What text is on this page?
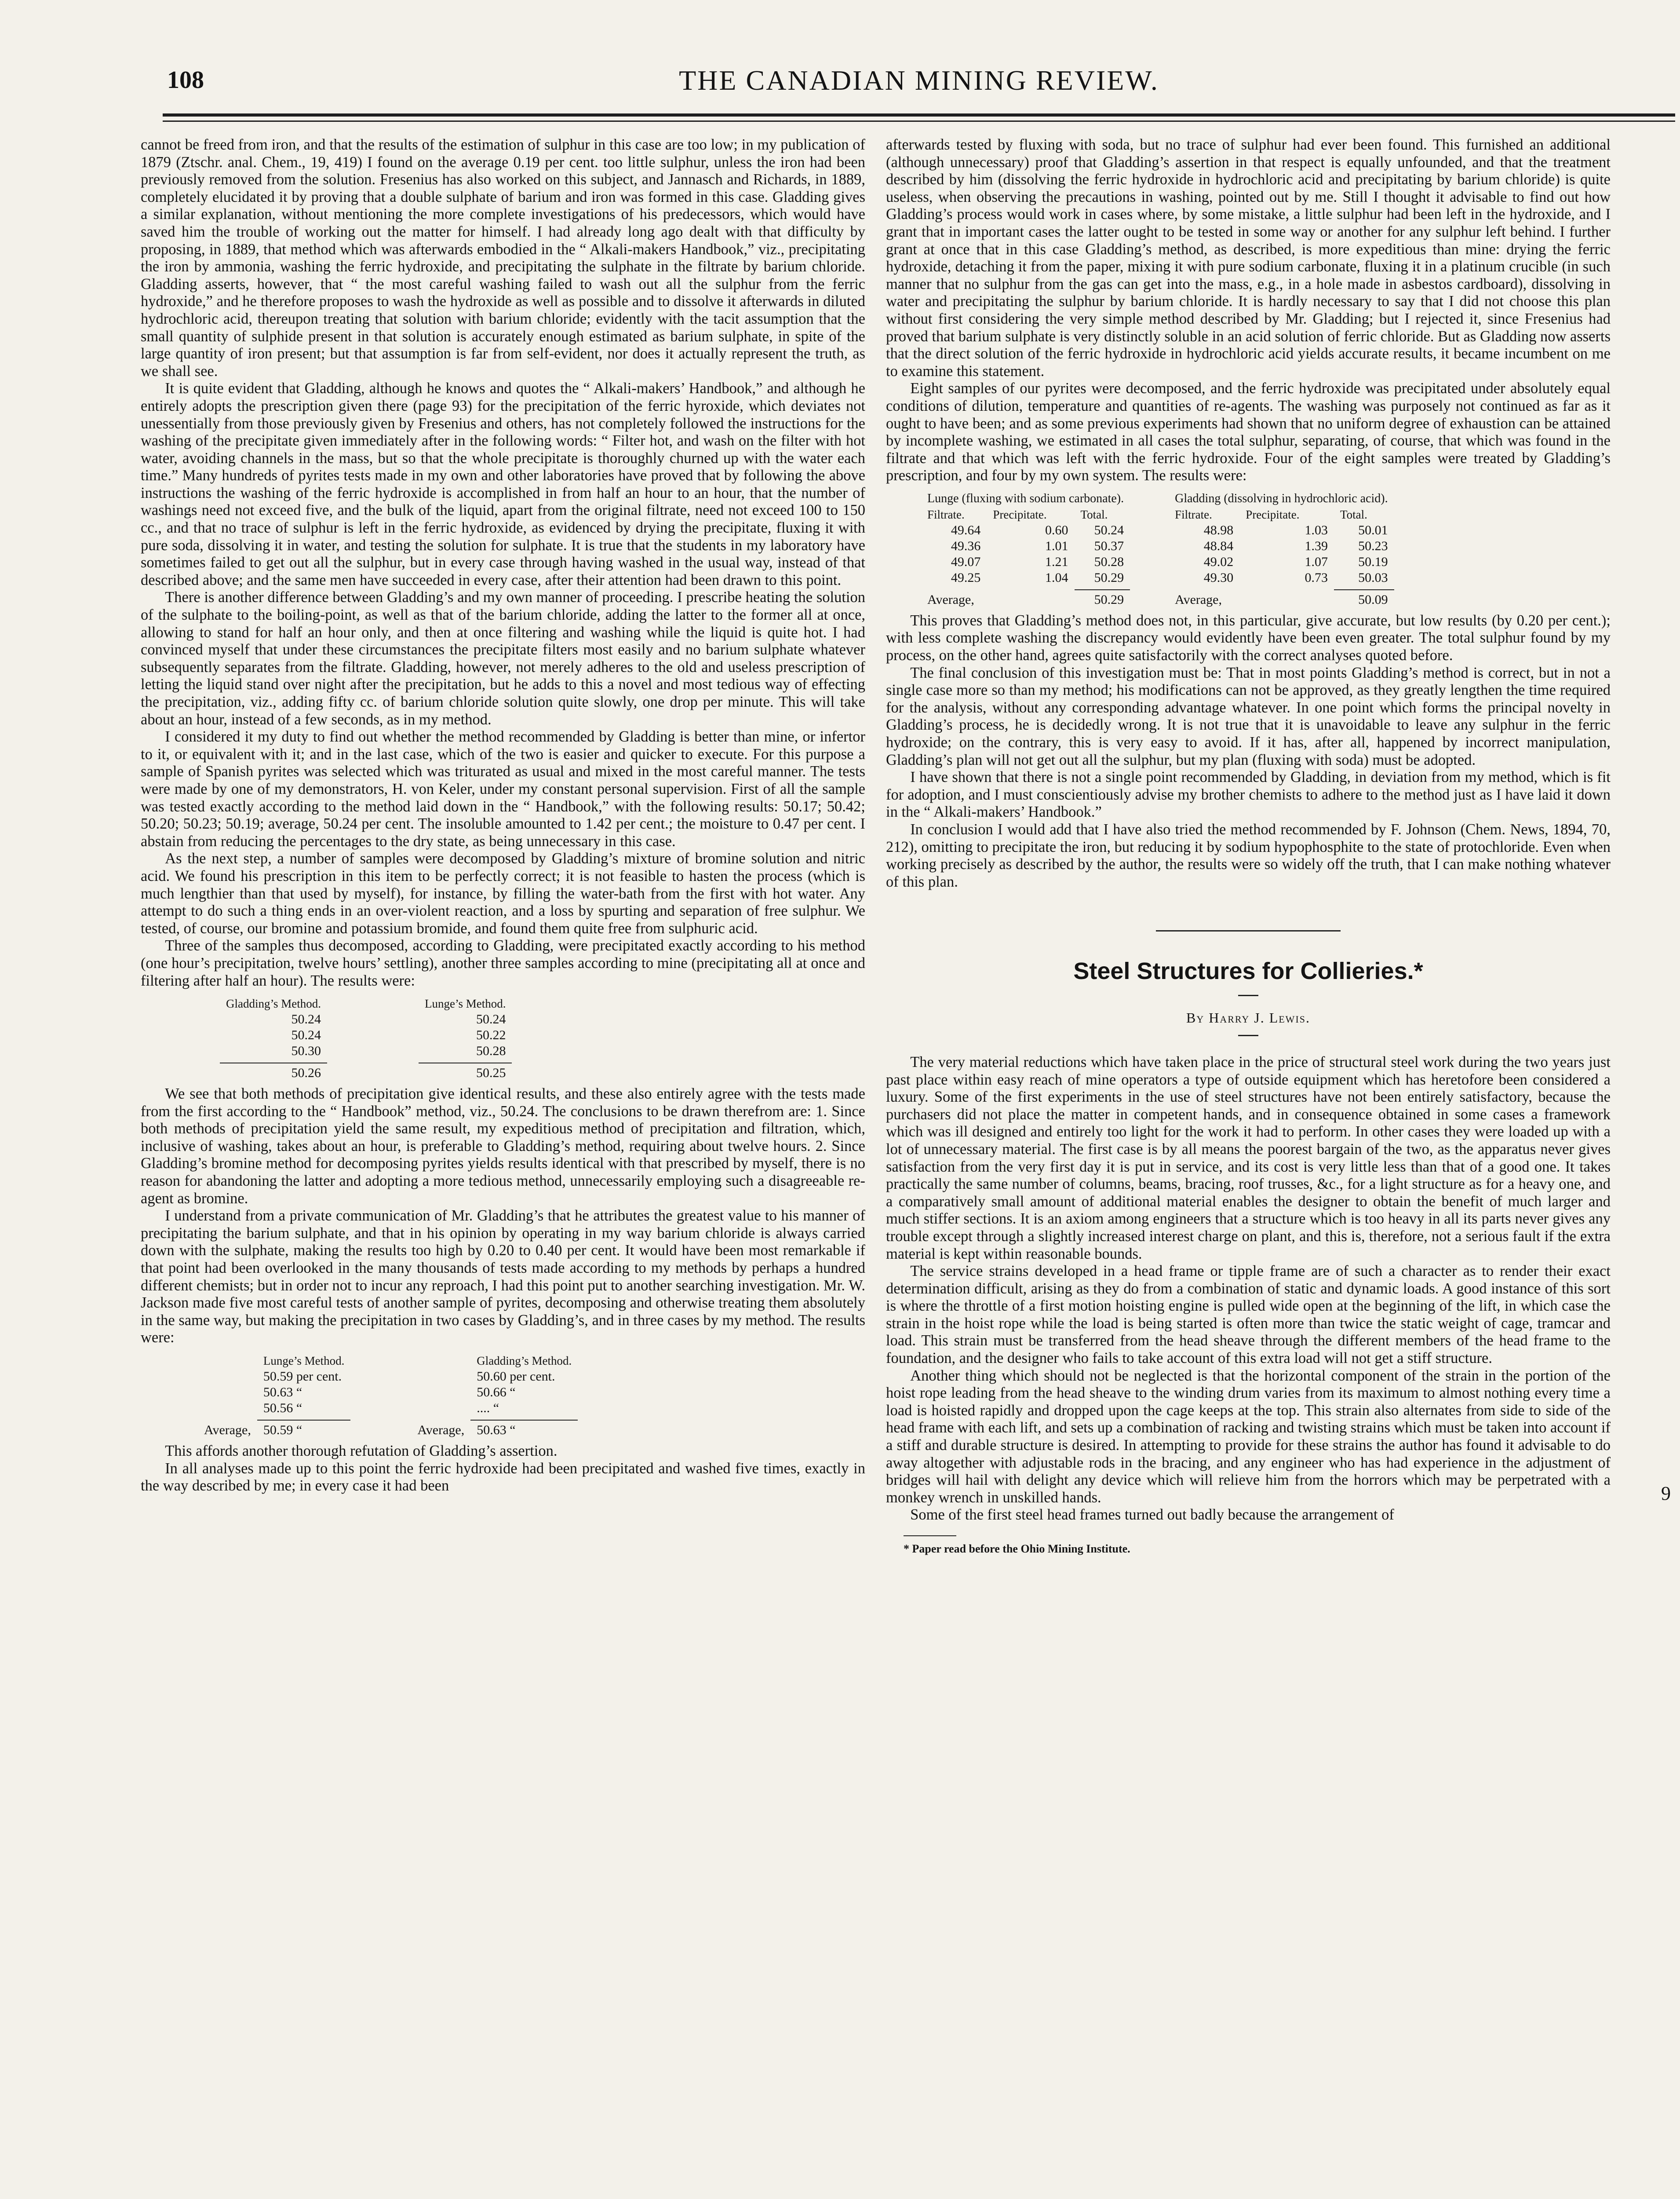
108	THE CANADIAN MINING REVIEW.

cannot be freed from iron, and that the results of the estimation of sulphur in this case are too low; in my publication of 1879 (Ztschr. anal. Chem., 19, 419) I found on the average 0.19 per cent. too little sulphur, unless the iron had been previously removed from the solution. Fresenius has also worked on this subject, and Jannasch and Richards, in 1889, completely elucidated it by proving that a double sulphate of barium and iron was formed in this case. Gladding gives a similar explanation, without mentioning the more complete investigations of his predecessors, which would have saved him the trouble of working out the matter for himself. I had already long ago dealt with that difficulty by proposing, in 1889, that method which was afterwards embodied in the “ Alkali-makers Handbook,” viz., precipitating the iron by ammonia, washing the ferric hydroxide, and precipitating the sulphate in the filtrate by barium chloride. Gladding asserts, however, that “ the most careful washing failed to wash out all the sulphur from the ferric hydroxide,” and he therefore proposes to wash the hydroxide as well as possible and to dissolve it afterwards in diluted hydrochloric acid, thereupon treating that solution with barium chloride; evidently with the tacit assumption that the small quantity of sulphide present in that solution is accurately enough estimated as barium sulphate, in spite of the large quantity of iron present; but that assumption is far from self-evident, nor does it actually represent the truth, as we shall see.

It is quite evident that Gladding, although he knows and quotes the “ Alkali-makers’ Handbook,” and although he entirely adopts the prescription given there (page 93) for the precipitation of the ferric hyroxide, which deviates not unessentially from those previously given by Fresenius and others, has not completely followed the instructions for the washing of the precipitate given immediately after in the following words: “ Filter hot, and wash on the filter with hot water, avoiding channels in the mass, but so that the whole precipitate is thoroughly churned up with the water each time.” Many hundreds of pyrites tests made in my own and other laboratories have proved that by following the above instructions the washing of the ferric hydroxide is accomplished in from half an hour to an hour, that the number of washings need not exceed five, and the bulk of the liquid, apart from the original filtrate, need not exceed 100 to 150 cc., and that no trace of sulphur is left in the ferric hydroxide, as evidenced by drying the precipitate, fluxing it with pure soda, dissolving it in water, and testing the solution for sulphate. It is true that the students in my laboratory have sometimes failed to get out all the sulphur, but in every case through having washed in the usual way, instead of that described above; and the same men have succeeded in every case, after their attention had been drawn to this point.

There is another difference between Gladding’s and my own manner of proceeding. I prescribe heating the solution of the sulphate to the boiling-point, as well as that of the barium chloride, adding the latter to the former all at once, allowing to stand for half an hour only, and then at once filtering and washing while the liquid is quite hot. I had convinced myself that under these circumstances the precipitate filters most easily and no barium sulphate whatever subsequently separates from the filtrate. Gladding, however, not merely adheres to the old and useless prescription of letting the liquid stand over night after the precipitation, but he adds to this a novel and most tedious way of effecting the precipitation, viz., adding fifty cc. of barium chloride solution quite slowly, one drop per minute. This will take about an hour, instead of a few seconds, as in my method.

I considered it my duty to find out whether the method recommended by Gladding is better than mine, or infertor to it, or equivalent with it; and in the last case, which of the two is easier and quicker to execute. For this purpose a sample of Spanish pyrites was selected which was triturated as usual and mixed in the most careful manner. The tests were made by one of my demonstrators, H. von Keler, under my constant personal supervision. First of all the sample was tested exactly according to the method laid down in the “ Handbook,” with the following results: 50.17; 50.42; 50.20; 50.23; 50.19; average, 50.24 per cent. The insoluble amounted to 1.42 per cent.; the moisture to 0.47 per cent. I abstain from reducing the percentages to the dry state, as being unnecessary in this case.

As the next step, a number of samples were decomposed by Gladding’s mixture of bromine solution and nitric acid. We found his prescription in this item to be perfectly correct; it is not feasible to hasten the process (which is much lengthier than that used by myself), for instance, by filling the water-bath from the first with hot water. Any attempt to do such a thing ends in an over-violent reaction, and a loss by spurting and separation of free sulphur. We tested, of course, our bromine and potassium bromide, and found them quite free from sulphuric acid.

Three of the samples thus decomposed, according to Gladding, were precipitated exactly according to his method (one hour’s precipitation, twelve hours’ settling), another three samples according to mine (precipitating all at once and filtering after half an hour). The results were:

Gladding’s Method.		Lunge’s Method.
50.24		50.24
50.24		50.22
50.30		50.28

50.26		50.25

We see that both methods of precipitation give identical results, and these also entirely agree with the tests made from the first according to the “ Handbook” method, viz., 50.24. The conclusions to be drawn therefrom are: 1. Since both methods of precipitation yield the same result, my expeditious method of precipitation and filtration, which, inclusive of washing, takes about an hour, is preferable to Gladding’s method, requiring about twelve hours. 2. Since Gladding’s bromine method for decomposing pyrites yields results identical with that prescribed by myself, there is no reason for abandoning the latter and adopting a more tedious method, unnecessarily employing such a disagreeable re-agent as bromine.

I understand from a private communication of Mr. Gladding’s that he attributes the greatest value to his manner of precipitating the barium sulphate, and that in his opinion by operating in my way barium chloride is always carried down with the sulphate, making the results too high by 0.20 to 0.40 per cent. It would have been most remarkable if that point had been overlooked in the many thousands of tests made according to my methods by perhaps a hundred different chemists; but in order not to incur any reproach, I had this point put to another searching investigation. Mr. W. Jackson made five most careful tests of another sample of pyrites, decomposing and otherwise treating them absolutely in the same way, but making the precipitation in two cases by Gladding’s, and in three cases by my method. The results were:

	Lunge’s Method.			Gladding’s Method.
	50.59 per cent.			50.60 per cent.
	50.63 “			50.66 “
	50.56 “			.... “

Average,	50.59 “		Average,	50.63 “

This affords another thorough refutation of Gladding’s assertion.

In all analyses made up to this point the ferric hydroxide had been precipitated and washed five times, exactly in the way described by me; in every case it had been

afterwards tested by fluxing with soda, but no trace of sulphur had ever been found. This furnished an additional (although unnecessary) proof that Gladding’s assertion in that respect is equally unfounded, and that the treatment described by him (dissolving the ferric hydroxide in hydrochloric acid and precipitating by barium chloride) is quite useless, when observing the precautions in washing, pointed out by me. Still I thought it advisable to find out how Gladding’s process would work in cases where, by some mistake, a little sulphur had been left in the hydroxide, and I grant that in important cases the latter ought to be tested in some way or another for any sulphur left behind. I further grant at once that in this case Gladding’s method, as described, is more expeditious than mine: drying the ferric hydroxide, detaching it from the paper, mixing it with pure sodium carbonate, fluxing it in a platinum crucible (in such manner that no sulphur from the gas can get into the mass, e.g., in a hole made in asbestos cardboard), dissolving in water and precipitating the sulphur by barium chloride. It is hardly necessary to say that I did not choose this plan without first considering the very simple method described by Mr. Gladding; but I rejected it, since Fresenius had proved that barium sulphate is very distinctly soluble in an acid solution of ferric chloride. But as Gladding now asserts that the direct solution of the ferric hydroxide in hydrochloric acid yields accurate results, it became incumbent on me to examine this statement.

Eight samples of our pyrites were decomposed, and the ferric hydroxide was precipitated under absolutely equal conditions of dilution, temperature and quantities of re-agents. The washing was purposely not continued as far as it ought to have been; and as some previous experiments had shown that no uniform degree of exhaustion can be attained by incomplete washing, we estimated in all cases the total sulphur, separating, of course, that which was found in the filtrate and that which was left with the ferric hydroxide. Four of the eight samples were treated by Gladding’s prescription, and four by my own system. The results were:

Lunge (fluxing with sodium carbonate).				Gladding (dissolving in hydrochloric acid).		
Filtrate.	Precipitate.	Total.		Filtrate.	Precipitate.	Total.
49.64	0.60	50.24		48.98	1.03	50.01
49.36	1.01	50.37		48.84	1.39	50.23
49.07	1.21	50.28		49.02	1.07	50.19
49.25	1.04	50.29		49.30	0.73	50.03

Average,		50.29		Average,		50.09

This proves that Gladding’s method does not, in this particular, give accurate, but low results (by 0.20 per cent.); with less complete washing the discrepancy would evidently have been even greater. The total sulphur found by my process, on the other hand, agrees quite satisfactorily with the correct analyses quoted before.

The final conclusion of this investigation must be: That in most points Gladding’s method is correct, but in not a single case more so than my method; his modifications can not be approved, as they greatly lengthen the time required for the analysis, without any corresponding advantage whatever. In one point which forms the principal novelty in Gladding’s process, he is decidedly wrong. It is not true that it is unavoidable to leave any sulphur in the ferric hydroxide; on the contrary, this is very easy to avoid. If it has, after all, happened by incorrect manipulation, Gladding’s plan will not get out all the sulphur, but my plan (fluxing with soda) must be adopted.

I have shown that there is not a single point recommended by Gladding, in deviation from my method, which is fit for adoption, and I must conscientiously advise my brother chemists to adhere to the method just as I have laid it down in the “ Alkali-makers’ Handbook.”

In conclusion I would add that I have also tried the method recommended by F. Johnson (Chem. News, 1894, 70, 212), omitting to precipitate the iron, but reducing it by sodium hypophosphite to the state of protochloride. Even when working precisely as described by the author, the results were so widely off the truth, that I can make nothing whatever of this plan.

Steel Structures for Collieries.*
By Harry J. Lewis.

The very material reductions which have taken place in the price of structural steel work during the two years just past place within easy reach of mine operators a type of outside equipment which has heretofore been considered a luxury. Some of the first experiments in the use of steel structures have not been entirely satisfactory, because the purchasers did not place the matter in competent hands, and in consequence obtained in some cases a framework which was ill designed and entirely too light for the work it had to perform. In other cases they were loaded up with a lot of unnecessary material. The first case is by all means the poorest bargain of the two, as the apparatus never gives satisfaction from the very first day it is put in service, and its cost is very little less than that of a good one. It takes practically the same number of columns, beams, bracing, roof trusses, &c., for a light structure as for a heavy one, and a comparatively small amount of additional material enables the designer to obtain the benefit of much larger and much stiffer sections. It is an axiom among engineers that a structure which is too heavy in all its parts never gives any trouble except through a slightly increased interest charge on plant, and this is, therefore, not a serious fault if the extra material is kept within reasonable bounds.

The service strains developed in a head frame or tipple frame are of such a character as to render their exact determination difficult, arising as they do from a combination of static and dynamic loads. A good instance of this sort is where the throttle of a first motion hoisting engine is pulled wide open at the beginning of the lift, in which case the strain in the hoist rope while the load is being started is often more than twice the static weight of cage, tramcar and load. This strain must be transferred from the head sheave through the different members of the head frame to the foundation, and the designer who fails to take account of this extra load will not get a stiff structure.

Another thing which should not be neglected is that the horizontal component of the strain in the portion of the hoist rope leading from the head sheave to the winding drum varies from its maximum to almost nothing every time a load is hoisted rapidly and dropped upon the cage keeps at the top. This strain also alternates from side to side of the head frame with each lift, and sets up a combination of racking and twisting strains which must be taken into account if a stiff and durable structure is desired. In attempting to provide for these strains the author has found it advisable to do away altogether with adjustable rods in the bracing, and any engineer who has had experience in the adjustment of bridges will hail with delight any device which will relieve him from the horrors which may be perpetrated with a monkey wrench in unskilled hands.

Some of the first steel head frames turned out badly because the arrangement of

* Paper read before the Ohio Mining Institute.
9
